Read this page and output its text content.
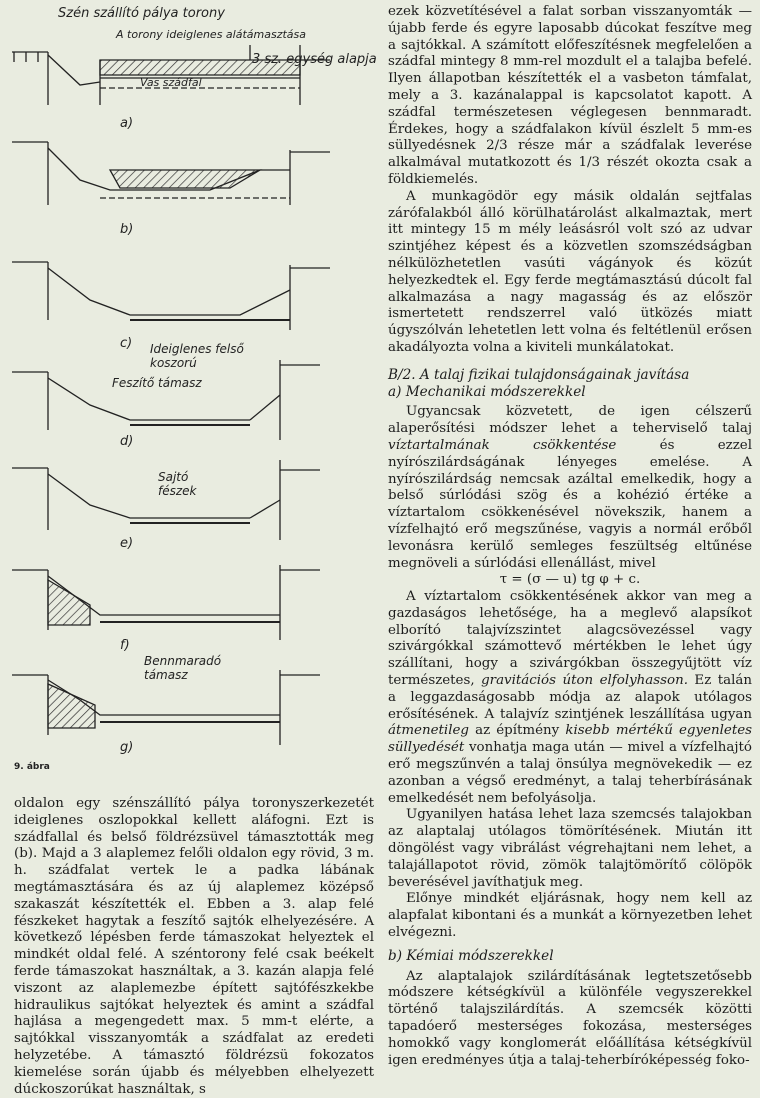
Szén szállító pálya torony
A torony ideiglenes alátámasztása
3 sz. egység alapja
Vas szádfal
Ideiglenes felső koszorú
Feszítő támasz
Sajtó fészek
Bennmaradó támasz
a)
b)
c)
d)
e)
f)
g)
9. ábra

oldalon egy szénszállító pálya toronyszerkezetét ideiglenes oszlopokkal kellett aláfogni. Ezt is szádfallal és belső földrézsüvel támasztották meg (b). Majd a 3 alaplemez felőli oldalon egy rövid, 3 m. h. szádfalat vertek le a padka lábának megtámasztására és az új alaplemez középső szakaszát készítették el. Ebben a 3. alap felé fészkeket hagytak a feszítő sajtók elhelyezésére. A következő lépésben ferde támaszokat helyeztek el mindkét oldal felé. A széntorony felé csak beékelt ferde támaszokat használtak, a 3. kazán alapja felé viszont az alaplemezbe épített sajtófészkekbe hidraulikus sajtókat helyeztek és amint a szádfal hajlása a megengedett max. 5 mm-t elérte, a sajtókkal visszanyomták a szádfalat az eredeti helyzetébe. A támasztó földrézsü fokozatos kiemelése során újabb és mélyebben elhelyezett dúckoszorúkat használtak, s

ezek közvetítésével a falat sorban visszanyomták — újabb ferde és egyre laposabb dúcokat feszítve meg a sajtókkal. A számított előfeszítésnek megfelelően a szádfal mintegy 8 mm-rel mozdult el a talajba befelé. Ilyen állapotban készítették el a vasbeton támfalat, mely a 3. kazánalappal is kapcsolatot kapott. A szádfal természetesen véglegesen bennmaradt. Érdekes, hogy a szádfalakon kívül észlelt 5 mm-es süllyedésnek 2/3 része már a szádfalak leverése alkalmával mutatkozott és 1/3 részét okozta csak a földkiemelés.

A munkagödör egy másik oldalán sejtfalas zárófalakból álló körülhatárolást alkalmaztak, mert itt mintegy 15 m mély leásásról volt szó az udvar szintjéhez képest és a közvetlen szomszédságban nélkülözhetetlen vasúti vágányok és közút helyezkedtek el. Egy ferde megtámasztású dúcolt fal alkalmazása a nagy magasság és az először ismertetett rendszerrel való ütközés miatt úgyszólván lehetetlen lett volna és feltétlenül erősen akadályozta volna a kiviteli munkálatokat.

B/2. A talaj fizikai tulajdonságainak javítása

a) Mechanikai módszerekkel

Ugyancsak közvetett, de igen célszerű alaperősítési módszer lehet a teherviselő talaj víztartalmának csökkentése és ezzel nyírószilárdságának lényeges emelése. A nyírószilárdság nemcsak azáltal emelkedik, hogy a belső súrlódási szög és a kohézió értéke a víztartalom csökkenésével növekszik, hanem a vízfelhajtó erő megszűnése, vagyis a normál erőből levonásra kerülő semleges feszültség eltűnése megnöveli a súrlódási ellenállást, mivel

τ = (σ — u) tg φ + c.

A víztartalom csökkentésének akkor van meg a gazdaságos lehetősége, ha a meglevő alapsíkot elborító talajvízszintet alagcsövezéssel vagy szivárgókkal számottevő mértékben le lehet úgy szállítani, hogy a szivárgókban összegyűjtött víz természetes, gravitációs úton elfolyhasson. Ez talán a leggazdaságosabb módja az alapok utólagos erősítésének. A talajvíz szintjének leszállítása ugyan átmenetileg az építmény kisebb mértékű egyenletes süllyedését vonhatja maga után — mivel a vízfelhajtó erő megszűnvén a talaj önsúlya megnövekedik — ez azonban a végső eredményt, a talaj teherbírásának emelkedését nem befolyásolja.

Ugyanilyen hatása lehet laza szemcsés talajokban az alaptalaj utólagos tömörítésének. Miután itt döngölést vagy vibrálást végrehajtani nem lehet, a talajállapotot rövid, zömök talajtömörítő cölöpök beverésével javíthatjuk meg.

Előnye mindkét eljárásnak, hogy nem kell az alapfalat kibontani és a munkát a környezetben lehet elvégezni.

b) Kémiai módszerekkel

Az alaptalajok szilárdításának legtetszetősebb módszere kétségkívül a különféle vegyszerekkel történő talajszilárdítás. A szemcsék közötti tapadóerő mesterséges fokozása, mesterséges homokkő vagy konglomerát előállítása kétségkívül igen eredményes útja a talaj-teherbíróképesség foko-
